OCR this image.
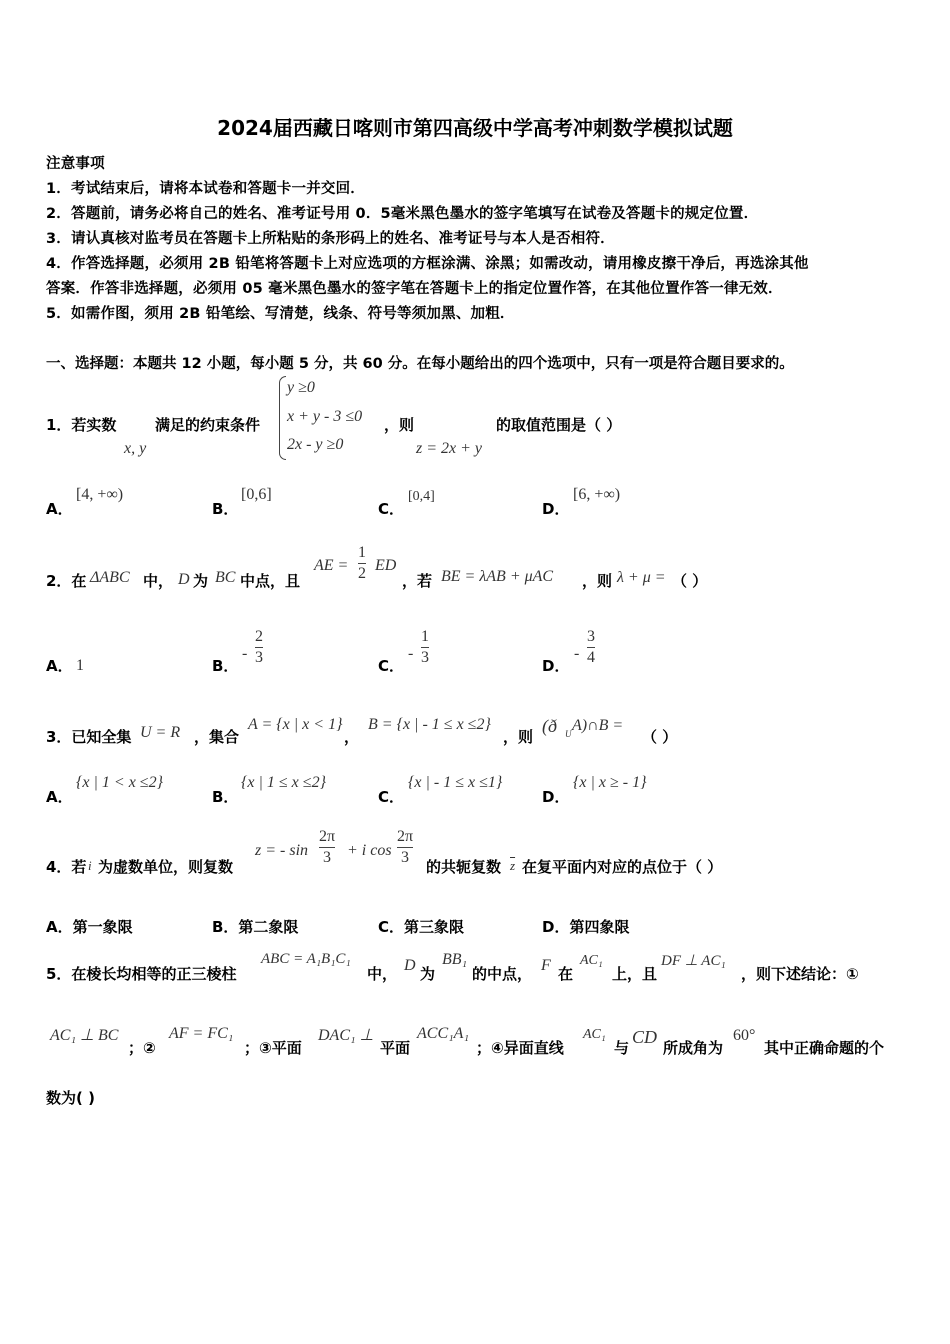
2024届西藏日喀则市第四高级中学高考冲刺数学模拟试题
注意事项
1．考试结束后，请将本试卷和答题卡一并交回．
2．答题前，请务必将自己的姓名、准考证号用 0．5毫米黑色墨水的签字笔填写在试卷及答题卡的规定位置．
3．请认真核对监考员在答题卡上所粘贴的条形码上的姓名、准考证号与本人是否相符．
4．作答选择题，必须用 2B 铅笔将答题卡上对应选项的方框涂满、涂黑；如需改动，请用橡皮擦干净后，再选涂其他
答案．作答非选择题，必须用 05 毫米黑色墨水的签字笔在答题卡上的指定位置作答，在其他位置作答一律无效．
5．如需作图，须用 2B 铅笔绘、写清楚，线条、符号等须加黑、加粗．
一、选择题：本题共 12 小题，每小题 5 分，共 60 分。在每小题给出的四个选项中，只有一项是符合题目要求的。
1．若实数
x, y
满足的约束条件
y ≥0
x + y - 3 ≤0
2x - y ≥0
，则
z = 2x + y
的取值范围是（ ）
A．
[4, +∞)
B．
[0,6]
C．
[0,4]
D．
[6, +∞)
2．在 ΔABC 中， D 为 BC 中点，且
AE =
1
2 ED
，若 BE = λAB + μAC ，则 λ + μ = （ ）
A． 1	B．
-
2
3	C．
-
1
3	D．
-
3
4
3．已知全集 U = R ，集合
A = {x | x < 1}
，
B = {x | - 1 ≤ x ≤2}
，则
(ð U A)∩B =
（ ）
A．
{x | 1 < x ≤2}
B．
{x | 1 ≤ x ≤2}
C．
{x | - 1 ≤ x ≤1}
D．
{x | x ≥ - 1}
4．若 i 为虚数单位，则复数
z = - sin
2π
3 + i cos
2π
3
的共轭复数 $\overline{z}$ 在复平面内对应的点位于（ ）
A．第一象限	B．第二象限	C．第三象限	D．第四象限
5．在棱长均相等的正三棱柱
ABC = A₁B₁C₁
中， D 为
BB₁
的中点， F 在
AC₁
上，且
DF ⊥ AC₁
，则下述结论：①
AC₁ ⊥ BC
；②
AF = FC₁
；③平面
DAC₁ ⊥
平面
ACC₁A₁
；④异面直线
AC₁
与
CD
所成角为
60°
其中正确命题的个
数为( )
